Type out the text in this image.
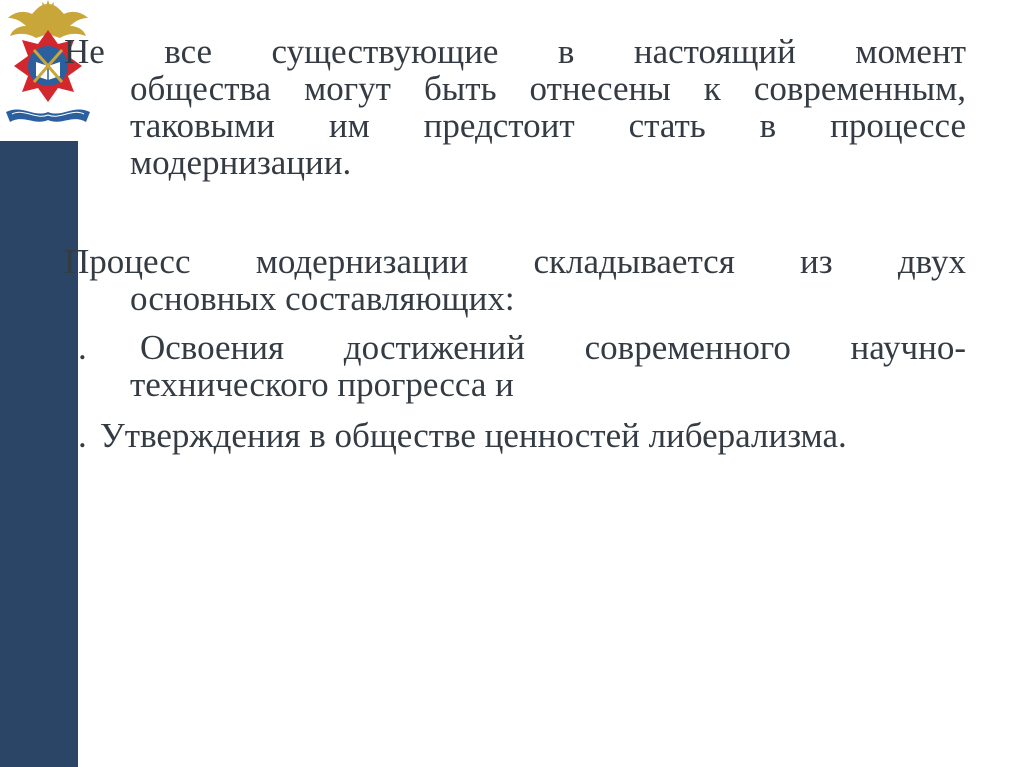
Не все существующие в настоящий момент
общества могут быть отнесены к современным,
таковыми им предстоит стать в процессе
модернизации.
Процесс модернизации складывается из двух
основных составляющих:
. Освоения достижений современного научно-
технического прогресса и
. Утверждения в обществе ценностей либерализма.
